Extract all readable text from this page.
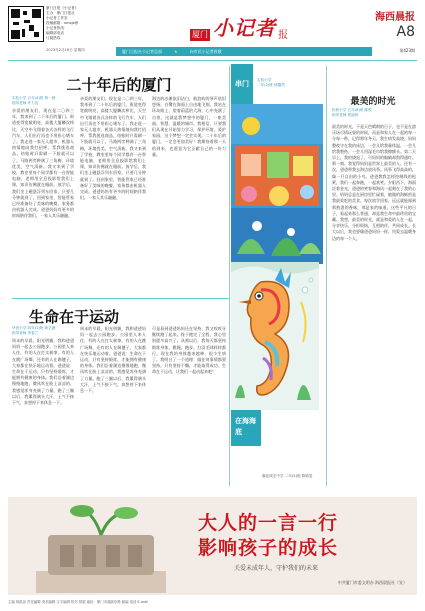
厦门日报《小记者》
主办：厦门日报社
小记者工作室
投稿邮箱：xmxjz@
小记者热线：
编辑部电话
订阅热线
2023年2月16日 星期四
厦门 小记者 报
海西晨报
A8
厦门日报社小记者总部	★	向市民小记者致敬	第423期
二十年后的厦门
实验小学 五年(4)班 林一晨
指导老师 许力达
亲爱的朋友们，现在是二〇四三年，我来到了二十年后的厦门。街道变得宽敞明亮，高楼大厦鳞次栉比，天空中飞翔着各式各样的飞行汽车，人们出行再也不用担心堵车了。我走进一家无人超市，机器人热情地向我打招呼，帮我挑选商品，结账时只需刷一下脸就可以了。马路两旁种满了三角梅，环境优美，空气清新。我又来到了学校，教室里每个同学都有一台智能电脑，老师用全息投影给我们上课，知识仿佛就在眼前。放学后，我们坐上磁悬浮列车回家，只要几分钟就到了。回到家里，智能管家已经准备好了美味的晚餐，家务都由机器人完成。爸爸妈妈有更多的时间陪伴我们，一家人其乐融融。
亲爱的朋友们，现在是二〇四三年，我来到了二十年后的厦门。街道变得宽敞明亮，高楼大厦鳞次栉比，天空中飞翔着各式各样的飞行汽车，人们出行再也不用担心堵车了。我走进一家无人超市，机器人热情地向我打招呼，帮我挑选商品，结账时只需刷一下脸就可以了。马路两旁种满了三角梅，环境优美，空气清新。我又来到了学校，教室里每个同学都有一台智能电脑，老师用全息投影给我们上课，知识仿佛就在眼前。放学后，我们坐上磁悬浮列车回家，只要几分钟就到了。回到家里，智能管家已经准备好了美味的晚餐，家务都由机器人完成。爸爸妈妈有更多的时间陪伴我们，一家人其乐融融。
海边的沙滩依旧洁白，鼓浪屿的琴声依旧悠扬，白鹭在海面上自由地飞翔。我站在环岛路上，望着蔚蓝的大海，心中充满了自豪。这就是我梦想中的厦门，一座美丽、智慧、温暖的城市。我相信，只要我们从现在开始努力学习，保护环境，爱护家园，这个梦想一定会实现。二十年后的厦门，一定会更加美好！我期待着那一天的到来，也愿意为它贡献自己的一份力量。
生命在于运动
华昌小学 四年(1)班 黄艺涵
指导老师 李春兰
周末的早晨，阳光明媚，我和爸爸妈妈一起去公园跑步。公园里人来人往，有的人在打太极拳，有的人在跳广场舞，还有的人在踢毽子，大家都在快乐地运动着。爸爸说：生命在于运动，只有坚持锻炼，才能拥有健康的身体。我们沿着湖边慢慢地跑，微风吹在脸上凉凉的，我感觉浑身充满了力量。跑了三圈以后，我累得满头大汗，上气不接下气，真想停下来休息一下。
周末的早晨，阳光明媚，我和爸爸妈妈一起去公园跑步。公园里人来人往，有的人在打太极拳，有的人在跳广场舞，还有的人在踢毽子，大家都在快乐地运动着。爸爸说：生命在于运动，只有坚持锻炼，才能拥有健康的身体。我们沿着湖边慢慢地跑，微风吹在脸上凉凉的，我感觉浑身充满了力量。跑了三圈以后，我累得满头大汗，上气不接下气，真想停下来休息一下。
可是看到爸爸妈妈还在坚持，我又咬咬牙继续跑了起来。终于跑完了全程，我心里别提多高兴了。从那以后，我每天都坚持锻炼身体，跳绳、跑步、打羽毛球样样都行。现在我的身体越来越棒，很少生病了。我明白了一个道理：做任何事情都要坚持，只有坚持不懈，才能取得成功。生命在于运动，让我们一起动起来吧！
串门	实验小学
二年(2)班 林馨然
在海海底
翼佳演艺中学 二年(5)班 陈锦雯
最美的时光
松柏小学 五年(6)班 陈悦
指导老师 郑丽萍
最美的时光，不是天色晴朗的日子，也不是在游乐场尽情玩耍的时候，而是和家人在一起的每一分每一秒。记得那年冬天，我生病发高烧，妈妈整夜守在我的床边，一会儿给我量体温，一会儿给我喂药，一会儿用湿毛巾给我擦额头。第二天早上，我的烧退了，可妈妈的眼睛却熬得通红。那一刻，我觉得妈妈是世界上最美的人。还有一次，爸爸带我去海边放风筝。风筝飞得高高的，像一只自由的小鸟。爸爸教我怎样控制线的松紧，我们一起奔跑，一起欢笑。夕阳西下，海面泛着金光，爸爸的笑容和海风一起刻在了我的心里。奶奶总是在厨房里忙碌着，她做的海蛎煎是我最爱吃的美食。每次放学回家，远远就能闻到那熟悉的香味，那是家的味道。这些平凡的日子，看起来那么普通，却是我生命中最珍贵的宝藏。我想，最美的时光，就是和爱的人在一起，分享快乐，分担烦恼，互相陪伴，共同成长。长大以后，我也要像爸爸妈妈一样，用爱去温暖身边的每一个人。
大人的一言一行
影响孩子的成长
关爱未成年人，守护我们的未来
中共厦门市委文明办 海西晨报社（宣）
主编 林凯泉 责任编辑 美术编辑 文字编辑 校对 排版 地址：厦门市湖滨东路 邮编 电话 E-mail
